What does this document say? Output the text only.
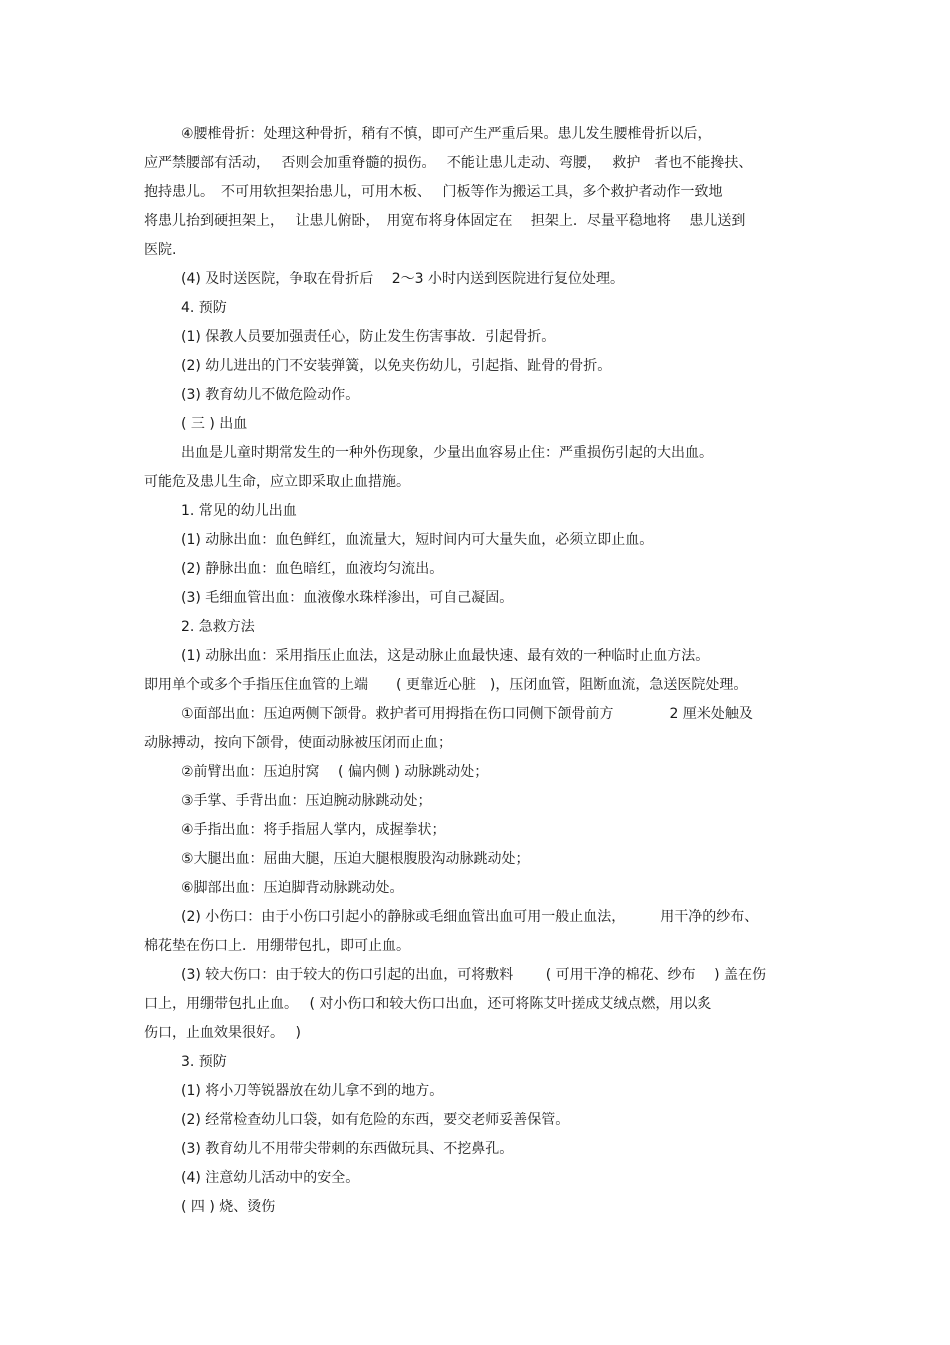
④腰椎骨折：处理这种骨折，稍有不慎，即可产生严重后果。患儿发生腰椎骨折以后，
应严禁腰部有活动，　 否则会加重脊髓的损伤。　 不能让患儿走动、弯腰，　 救护　者也不能搀扶、
抱持患儿。　不可用软担架抬患儿，可用木板、　 门板等作为搬运工具，多个救护者动作一致地
将患儿抬到硬担架上，　 让患儿俯卧，　用宽布将身体固定在　 担架上．尽量平稳地将　 患儿送到
医院.
(4) 及时送医院，争取在骨折后　 2～3 小时内送到医院进行复位处理。
4. 预防
(1) 保教人员要加强责任心，防止发生伤害事故．引起骨折。
(2) 幼儿进出的门不安装弹簧，以免夹伤幼儿，引起指、趾骨的骨折。
(3) 教育幼儿不做危险动作。
( 三 ) 出血
出血是儿童时期常发生的一种外伤现象，少量出血容易止住：严重损伤引起的大出血。
可能危及患儿生命，应立即采取止血措施。
1. 常见的幼儿出血
(1) 动脉出血：血色鲜红，血流量大，短时间内可大量失血，必须立即止血。
(2) 静脉出血：血色暗红，血液均匀流出。
(3) 毛细血管出血：血液像水珠样渗出，可自己凝固。
2. 急救方法
(1) 动脉出血：采用指压止血法，这是动脉止血最快速、最有效的一种临时止血方法。
即用单个或多个手指压住血管的上端　　( 更靠近心脏　)，压闭血管，阻断血流，急送医院处理。
①面部出血：压迫两侧下颌骨。救护者可用拇指在伤口同侧下颌骨前方　　　　2 厘米处触及
动脉搏动，按向下颌骨，使面动脉被压闭而止血；
②前臂出血：压迫肘窝　 ( 偏内侧 ) 动脉跳动处；
③手掌、手背出血：压迫腕动脉跳动处；
④手指出血：将手指屈人掌内，成握拳状；
⑤大腿出血：屈曲大腿，压迫大腿根腹股沟动脉跳动处；
⑥脚部出血：压迫脚背动脉跳动处。
(2) 小伤口：由于小伤口引起小的静脉或毛细血管出血可用一般止血法，　　　用干净的纱布、
棉花垫在伤口上．用绷带包扎，即可止血。
(3) 较大伤口：由于较大的伤口引起的出血，可将敷料　　 ( 可用干净的棉花、纱布　 ) 盖在伤
口上，用绷带包扎止血。　 ( 对小伤口和较大伤口出血，还可将陈艾叶搓成艾绒点燃，用以炙
伤口，止血效果很好。　 )
3. 预防
(1) 将小刀等锐器放在幼儿拿不到的地方。
(2) 经常检查幼儿口袋，如有危险的东西，要交老师妥善保管。
(3) 教育幼儿不用带尖带刺的东西做玩具、不挖鼻孔。
(4) 注意幼儿活动中的安全。
( 四 ) 烧、烫伤
